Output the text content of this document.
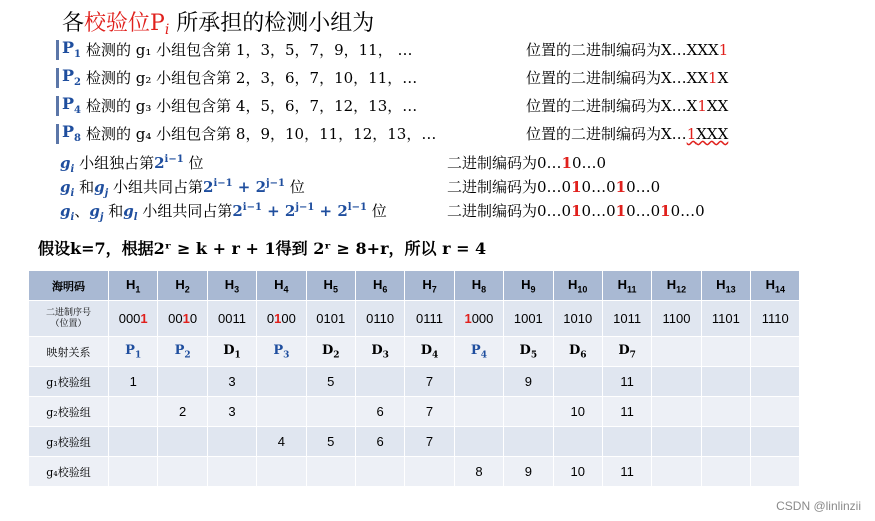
各校验位$P_i$ 所承担的检测小组为
$P_1$ 检测的 g₁ 小组包含第 1，3，5，7，9，11， …	位置的二进制编码为X…XXX1
$P_2$ 检测的 g₂ 小组包含第 2，3，6，7，10，11，…	位置的二进制编码为X…XX1X
$P_4$ 检测的 g₃ 小组包含第 4，5，6，7，12，13，…	位置的二进制编码为X…X1XX
$P_8$ 检测的 g₄ 小组包含第 8，9，10，11，12，13，…	位置的二进制编码为X…1XXX
$g_i$ 小组独占第$2^{i-1}$ 位	二进制编码为0…10…0
$g_i$ 和$g_j$ 小组共同占第$2^{i-1} + 2^{j-1}$ 位	二进制编码为0…010…010…0
$g_i$、$g_j$ 和$g_l$ 小组共同占第$2^{i-1} + 2^{j-1} + 2^{l-1}$ 位	二进制编码为0…010…010…010…0
假设k=7，根据2ʳ ≥ k + r + 1得到 2ʳ ≥ 8+r，所以 r = 4
海明码	$H_1$	$H_2$	$H_3$	$H_4$	$H_5$	$H_6$	$H_7$	$H_8$	$H_9$	$H_{10}$	$H_{11}$	$H_{12}$	$H_{13}$	$H_{14}$

二进制序号
（位置）	0001	0010	0011	0100	0101	0110	0111	1000	1001	1010	1011	1100	1101	1110
映射关系	$P_1$	$P_2$	$D_1$	$P_3$	$D_2$	$D_3$	$D_4$	$P_4$	$D_5$	$D_6$	$D_7$			
g₁校验组	1		3		5		7		9		11			
g₂校验组		2	3			6	7			10	11			
g₃校验组				4	5	6	7							
g₄校验组								8	9	10	11			
CSDN @linlinzii
